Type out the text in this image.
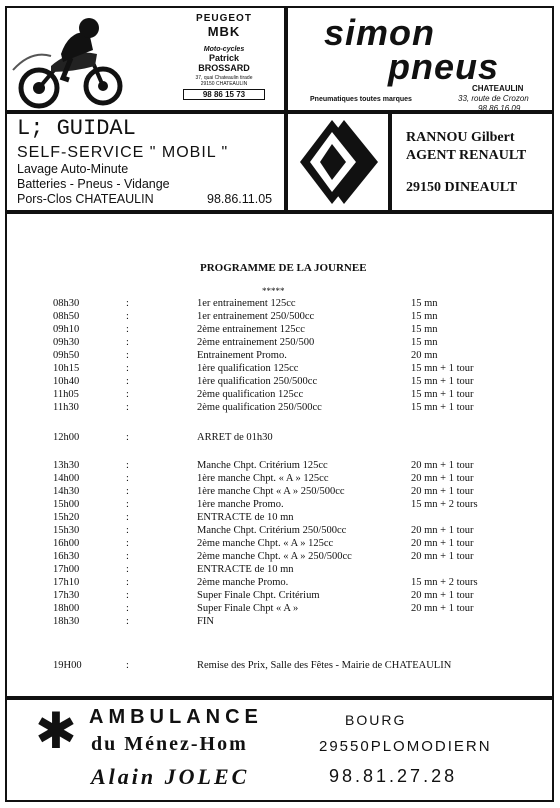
PEUGEOT
MBK
Moto-cycles
Patrick
BROSSARD
37, quai Chateaulin tirade
29150 CHATEAULIN
98 86 15 73
simon
pneus
CHATEAULIN
Pneumatiques toutes marques	33, route de Crozon
98.86.16.09
L; GUIDAL
SELF-SERVICE " MOBIL "
Lavage Auto-Minute
Batteries - Pneus - Vidange
Pors-Clos CHATEAULIN	98.86.11.05
RANNOU Gilbert
AGENT RENAULT
29150 DINEAULT
PROGRAMME DE LA JOURNEE
*****
08h30	:	1er entrainement 125cc	15 mn
08h50	:	1er entrainement 250/500cc	15 mn
09h10	:	2ème entrainement 125cc	15 mn
09h30	:	2ème entrainement 250/500	15 mn
09h50	:	Entrainement Promo.	20 mn
10h15	:	1ère qualification 125cc	15 mn + 1 tour
10h40	:	1ère qualification 250/500cc	15 mn + 1 tour
11h05	:	2ème qualification 125cc	15 mn + 1 tour
11h30	:	2ème qualification 250/500cc	15 mn + 1 tour
12h00	:	ARRET de 01h30
13h30	:	Manche Chpt. Critérium 125cc	20 mn + 1 tour
14h00	:	1ère manche Chpt. « A » 125cc	20 mn + 1 tour
14h30	:	1ère manche Chpt « A » 250/500cc	20 mn + 1 tour
15h00	:	1ère manche Promo.	15 mn + 2 tours
15h20	:	ENTRACTE de 10 mn
15h30	:	Manche Chpt. Critérium 250/500cc	20 mn + 1 tour
16h00	:	2ème manche Chpt. « A » 125cc	20 mn + 1 tour
16h30	:	2ème manche Chpt. « A » 250/500cc	20 mn + 1 tour
17h00	:	ENTRACTE de 10 mn
17h10	:	2ème manche Promo.	15 mn + 2 tours
17h30	:	Super Finale Chpt. Critérium	20 mn + 1 tour
18h00	:	Super Finale Chpt « A »	20 mn + 1 tour
18h30	:	FIN
19H00	:	Remise des Prix, Salle des Fêtes - Mairie de CHATEAULIN
✱ AMBULANCE
du Ménez-Hom
Alain JOLEC
BOURG
29550PLOMODIERN
98.81.27.28
